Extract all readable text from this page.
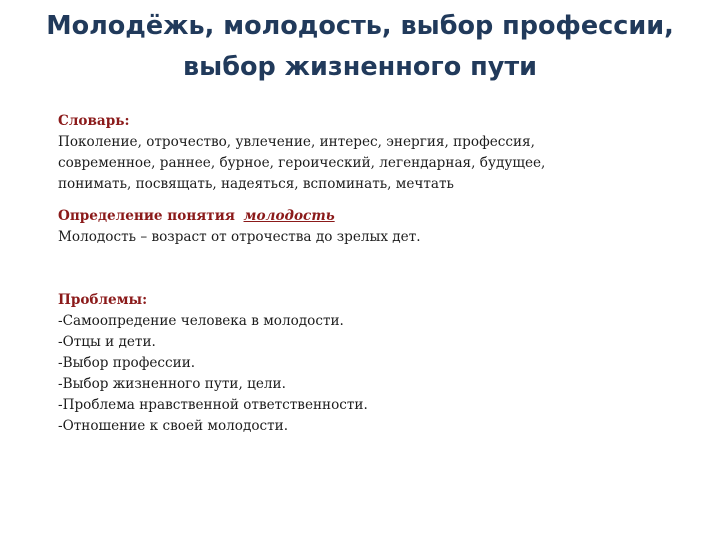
Молодёжь, молодость, выбор профессии,
выбор жизненного пути
Словарь:
Поколение, отрочество, увлечение, интерес, энергия, профессия,
современное, раннее, бурное, героический, легендарная, будущее,
понимать, посвящать, надеяться, вспоминать, мечтать
Определение понятия молодость
Молодость – возраст от отрочества до зрелых дет.
Проблемы:
-Самоопредение человека в молодости.
-Отцы и дети.
-Выбор профессии.
-Выбор жизненного пути, цели.
-Проблема нравственной ответственности.
-Отношение к своей молодости.
